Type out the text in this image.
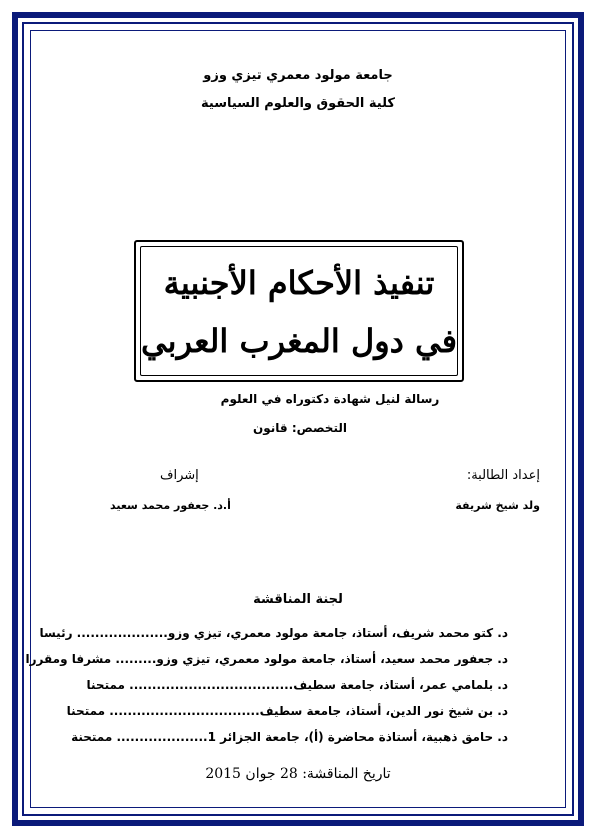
جامعة مولود معمري تيزي وزو
كلية الحقوق والعلوم السياسية
تنفيذ الأحكام الأجنبية
في دول المغرب العربي
رسالة لنيل شهادة دكتوراه في العلوم
التخصص: قانون
إعداد الطالبة:
ولد شيخ شريفة
إشراف
أ.د. جعفور محمد سعيد
لجنة المناقشة
د. كتو محمد شريف، أستاذ، جامعة مولود معمري، تيزي وزو.................... رئيسا
د. جعفور محمد سعيد، أستاذ، جامعة مولود معمري، تيزي وزو......... مشرفا ومقررا
د. بلمامي عمر، أستاذ، جامعة سطيف.................................... ممتحنا
د. بن شيخ نور الدين، أستاذ، جامعة سطيف................................. ممتحنا
د. حامق ذهبية، أستاذة محاضرة (أ)، جامعة الجزائر 1.................... ممتحنة
تاريخ المناقشة: 28 جوان 2015
